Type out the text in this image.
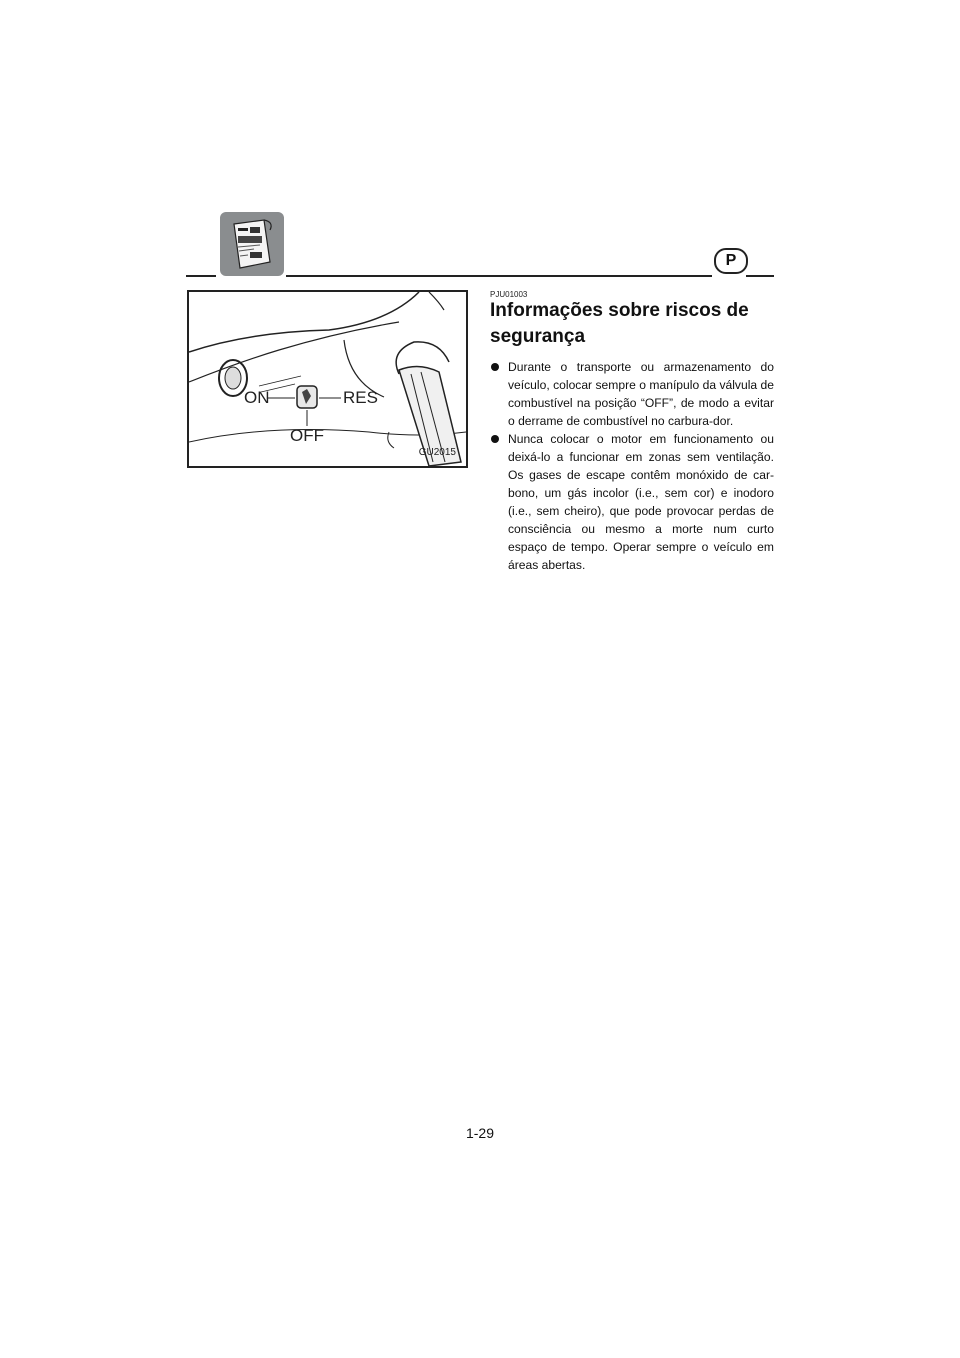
P
ON	RES
OFF
GU2015
PJU01003
Informações sobre riscos de segurança
Durante o transporte ou armazenamento do veículo, colocar sempre o manípulo da válvula de combustível na posição “OFF”, de modo a evitar o derrame de combustível no carbura-dor.
Nunca colocar o motor em funcionamento ou deixá-lo a funcionar em zonas sem ventilação. Os gases de escape contêm monóxido de car-bono, um gás incolor (i.e., sem cor) e inodoro (i.e., sem cheiro), que pode provocar perdas de consciência ou mesmo a morte num curto espaço de tempo. Operar sempre o veículo em áreas abertas.
1-29
